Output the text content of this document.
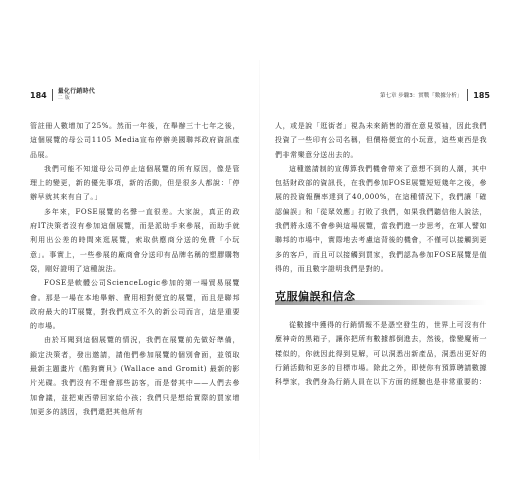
184 量化行銷時代
二版	第七章 步驟3：實戰「數據分析」 185

管註冊人數增加了25%。然而一年後，在舉辦三十七年之後，這個展覽的母公司1105 Media宣布停辦美國聯邦政府資訊產品展。

我們可能不知道母公司停止這個展覽的所有原因，像是管理上的變更，新的優先事項，新的活動，但是很多人都說：「停辦早就其來有自了。」

多年來，FOSE展覽的名聲一直很差。大家說，真正的政府IT決策者沒有參加這個展覽，而是派助手來參展，而助手就利用出公差的時間來逛展覽，索取供應商分送的免費「小玩意」。事實上，一些參展的廠商會分送印有品牌名稱的塑膠購物袋，剛好證明了這種說法。

FOSE是軟體公司ScienceLogic參加的第一場貿易展覽會。那是一場在本地舉辦、費用相對便宜的展覽，而且是聯邦政府最大的IT展覽，對我們成立不久的新公司而言，這是重要的市場。

由於耳聞到這個展覽的情況，我們在展覽前先做好準備，鎖定決策者，發出邀請，請他們參加展覽的個別會面，並領取最新主題畫片《酷狗寶貝》(Wallace and Gromit) 最新的影片光碟。我們沒有不理會那些訪客，而是替其中——人們去參加會議，並把東西帶回家給小孩；我們只是想給實際的買家增加更多的誘因，我們還把其他所有

人，或是說「逛街者」視為未來銷售的潛在意見領袖，因此我們投資了一些印有公司名稱，但價格便宜的小玩意，這些東西是我們非常樂意分送出去的。

這種邀請制的宣傳算我們機會帶來了意想不到的人潮，其中包括財政部的資訊長，在我們參加FOSE展覽短短幾年之後，參展的投資報酬率達到了40,000%，在這種情況下，我們讓「確認偏誤」和「從眾效應」打敗了我們，如果我們聽信他人說法，我們將永遠不會參與這場展覽，當我們進一步思考，在軍人譬如聯邦的市場中，實際地去考慮這背後的機會，不僅可以接觸到更多的客戶，而且可以接觸到買家，我們認為參加FOSE展覽是值得的，而且數字證明我們是對的。

克服偏誤和信念

從數據中獲得的行銷情報不是憑空發生的，世界上可沒有什麼神奇的黑箱子，讓你把所有數據都倒進去，然後，像變魔術一樣似的，你就因此得到見解，可以洞悉出新產品，洞悉出更好的行銷活動和更多的目標市場。除此之外，即使你有預算聘請數據科學家，我們身為行銷人員在以下方面的經驗也是非常重要的：
